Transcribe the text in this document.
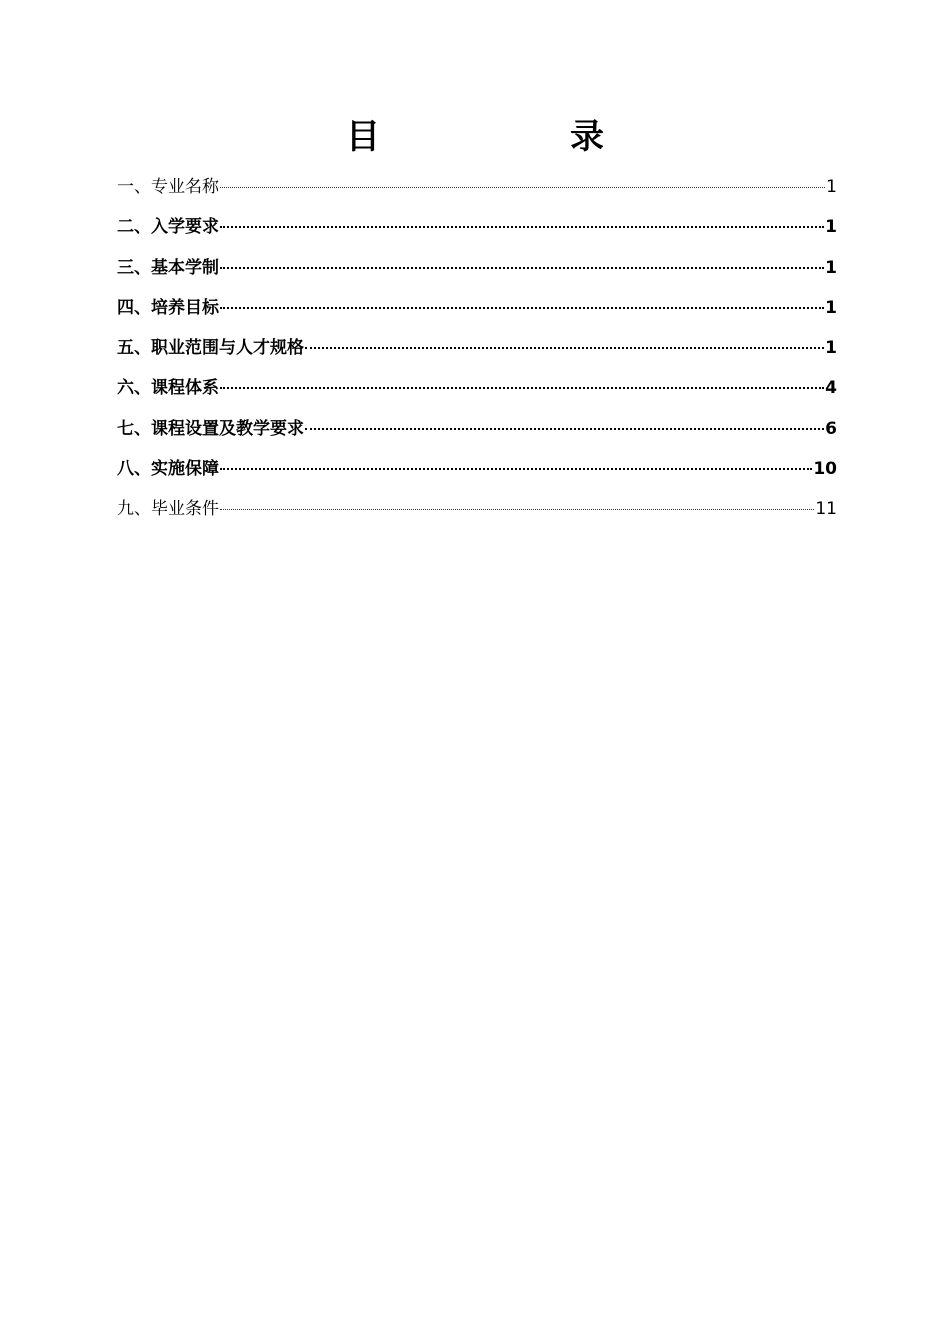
目　录
一、专业名称	1
二、入学要求	1
三、基本学制	1
四、培养目标	1
五、职业范围与人才规格	1
六、课程体系	4
七、课程设置及教学要求	6
八、实施保障	10
九、毕业条件	11
